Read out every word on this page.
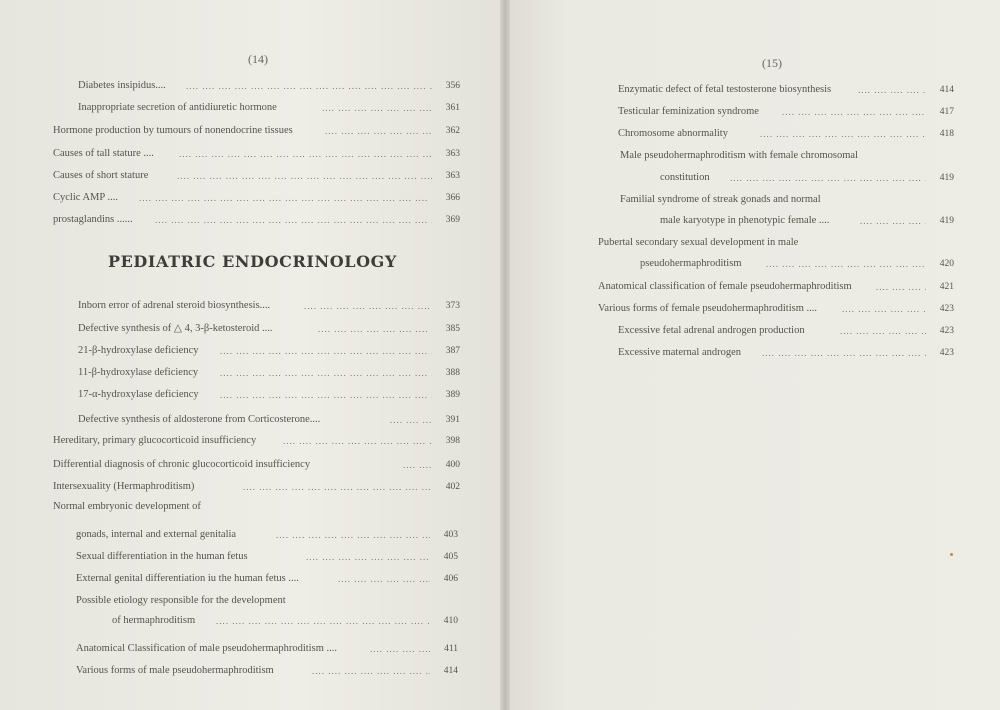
(14)
Diabetes insipidus.... ....	356
Inappropriate secretion of antidiuretic hormone ....	361
Hormone production by tumours of nonendocrine tissues ....	362
Causes of tall stature .... ....	363
Causes of short stature ....	363
Cyclic AMP .... ....	366
prostaglandins ...... ....	369
PEDIATRIC ENDOCRINOLOGY
Inborn error of adrenal steroid biosynthesis.... ....	373
Defective synthesis of △ 4, 3-β-ketosteroid .... ....	385
21-β-hydroxylase deficiency ....	387
11-β-hydroxylase deficiency ....	388
17-α-hydroxylase deficiency ....	389
Defective synthesis of aldosterone from Corticosterone.... ....	391
Hereditary, primary glucocorticoid insufficiency ....	398
Differential diagnosis of chronic glucocorticoid insufficiency ....	400
Intersexuality (Hermaphroditism) ....	402
Normal embryonic development of
gonads, internal and external genitalia ....	403
Sexual differentiation in the human fetus ....	405
External genital differentiation iu the human fetus .... ....	406
Possible etiology responsible for the development
of hermaphroditism ....	410
Anatomical Classification of male pseudohermaphroditism .... ....	411
Various forms of male pseudohermaphroditism ....	414
(15)
Enzymatic defect of fetal testosterone biosynthesis ....	414
Testicular feminization syndrome ....	417
Chromosome abnormality ....	418
Male pseudohermaphroditism with female chromosomal
constitution ....	419
Familial syndrome of streak gonads and normal
male karyotype in phenotypic female .... ....	419
Pubertal secondary sexual development in male
pseudohermaphroditism ....	420
Anatomical classification of female pseudohermaphroditism ....	421
Various forms of female pseudohermaphroditism .... ....	423
Excessive fetal adrenal androgen production ....	423
Excessive maternal androgen ....	423
